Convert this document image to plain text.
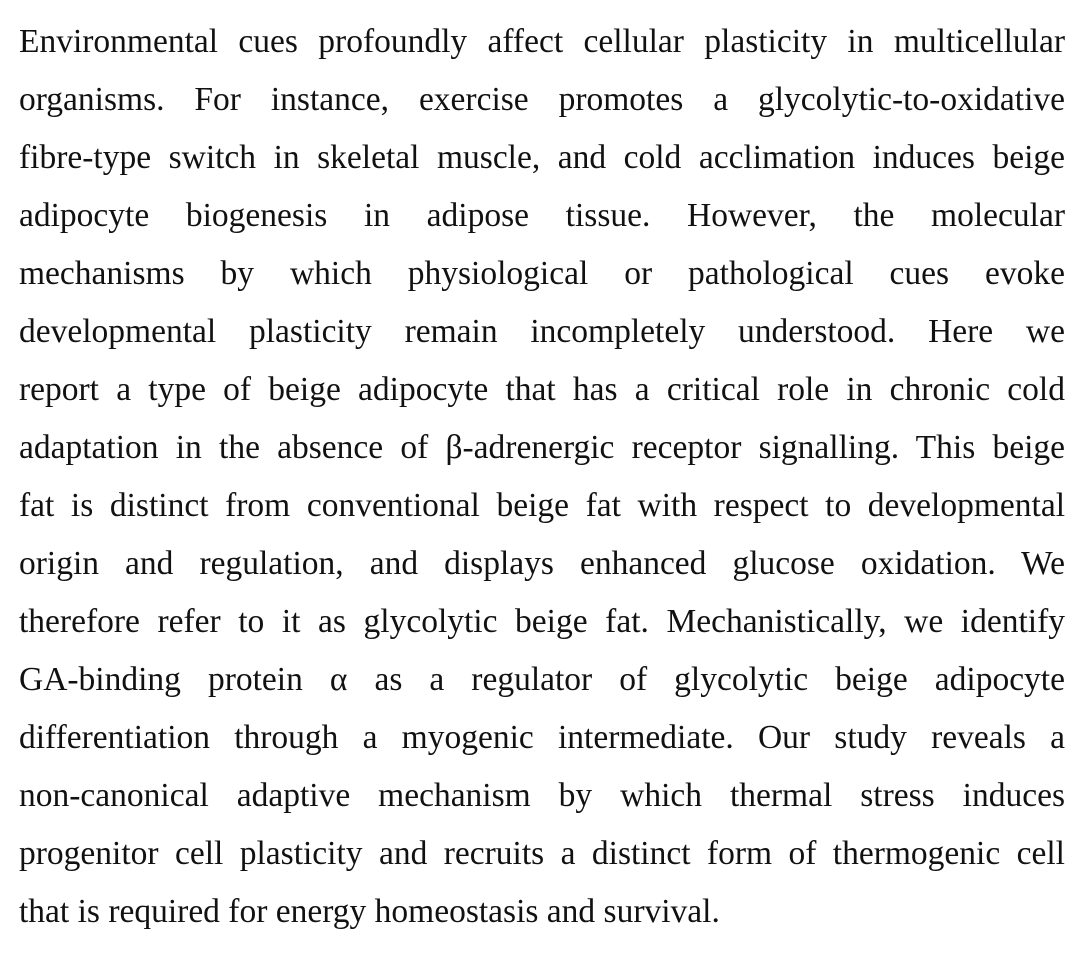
Environmental cues profoundly affect cellular plasticity in multicellular
organisms. For instance, exercise promotes a glycolytic-to-oxidative
fibre-type switch in skeletal muscle, and cold acclimation induces beige
adipocyte biogenesis in adipose tissue. However, the molecular
mechanisms by which physiological or pathological cues evoke
developmental plasticity remain incompletely understood. Here we
report a type of beige adipocyte that has a critical role in chronic cold
adaptation in the absence of β-adrenergic receptor signalling. This beige
fat is distinct from conventional beige fat with respect to developmental
origin and regulation, and displays enhanced glucose oxidation. We
therefore refer to it as glycolytic beige fat. Mechanistically, we identify
GA-binding protein α as a regulator of glycolytic beige adipocyte
differentiation through a myogenic intermediate. Our study reveals a
non-canonical adaptive mechanism by which thermal stress induces
progenitor cell plasticity and recruits a distinct form of thermogenic cell
that is required for energy homeostasis and survival.
